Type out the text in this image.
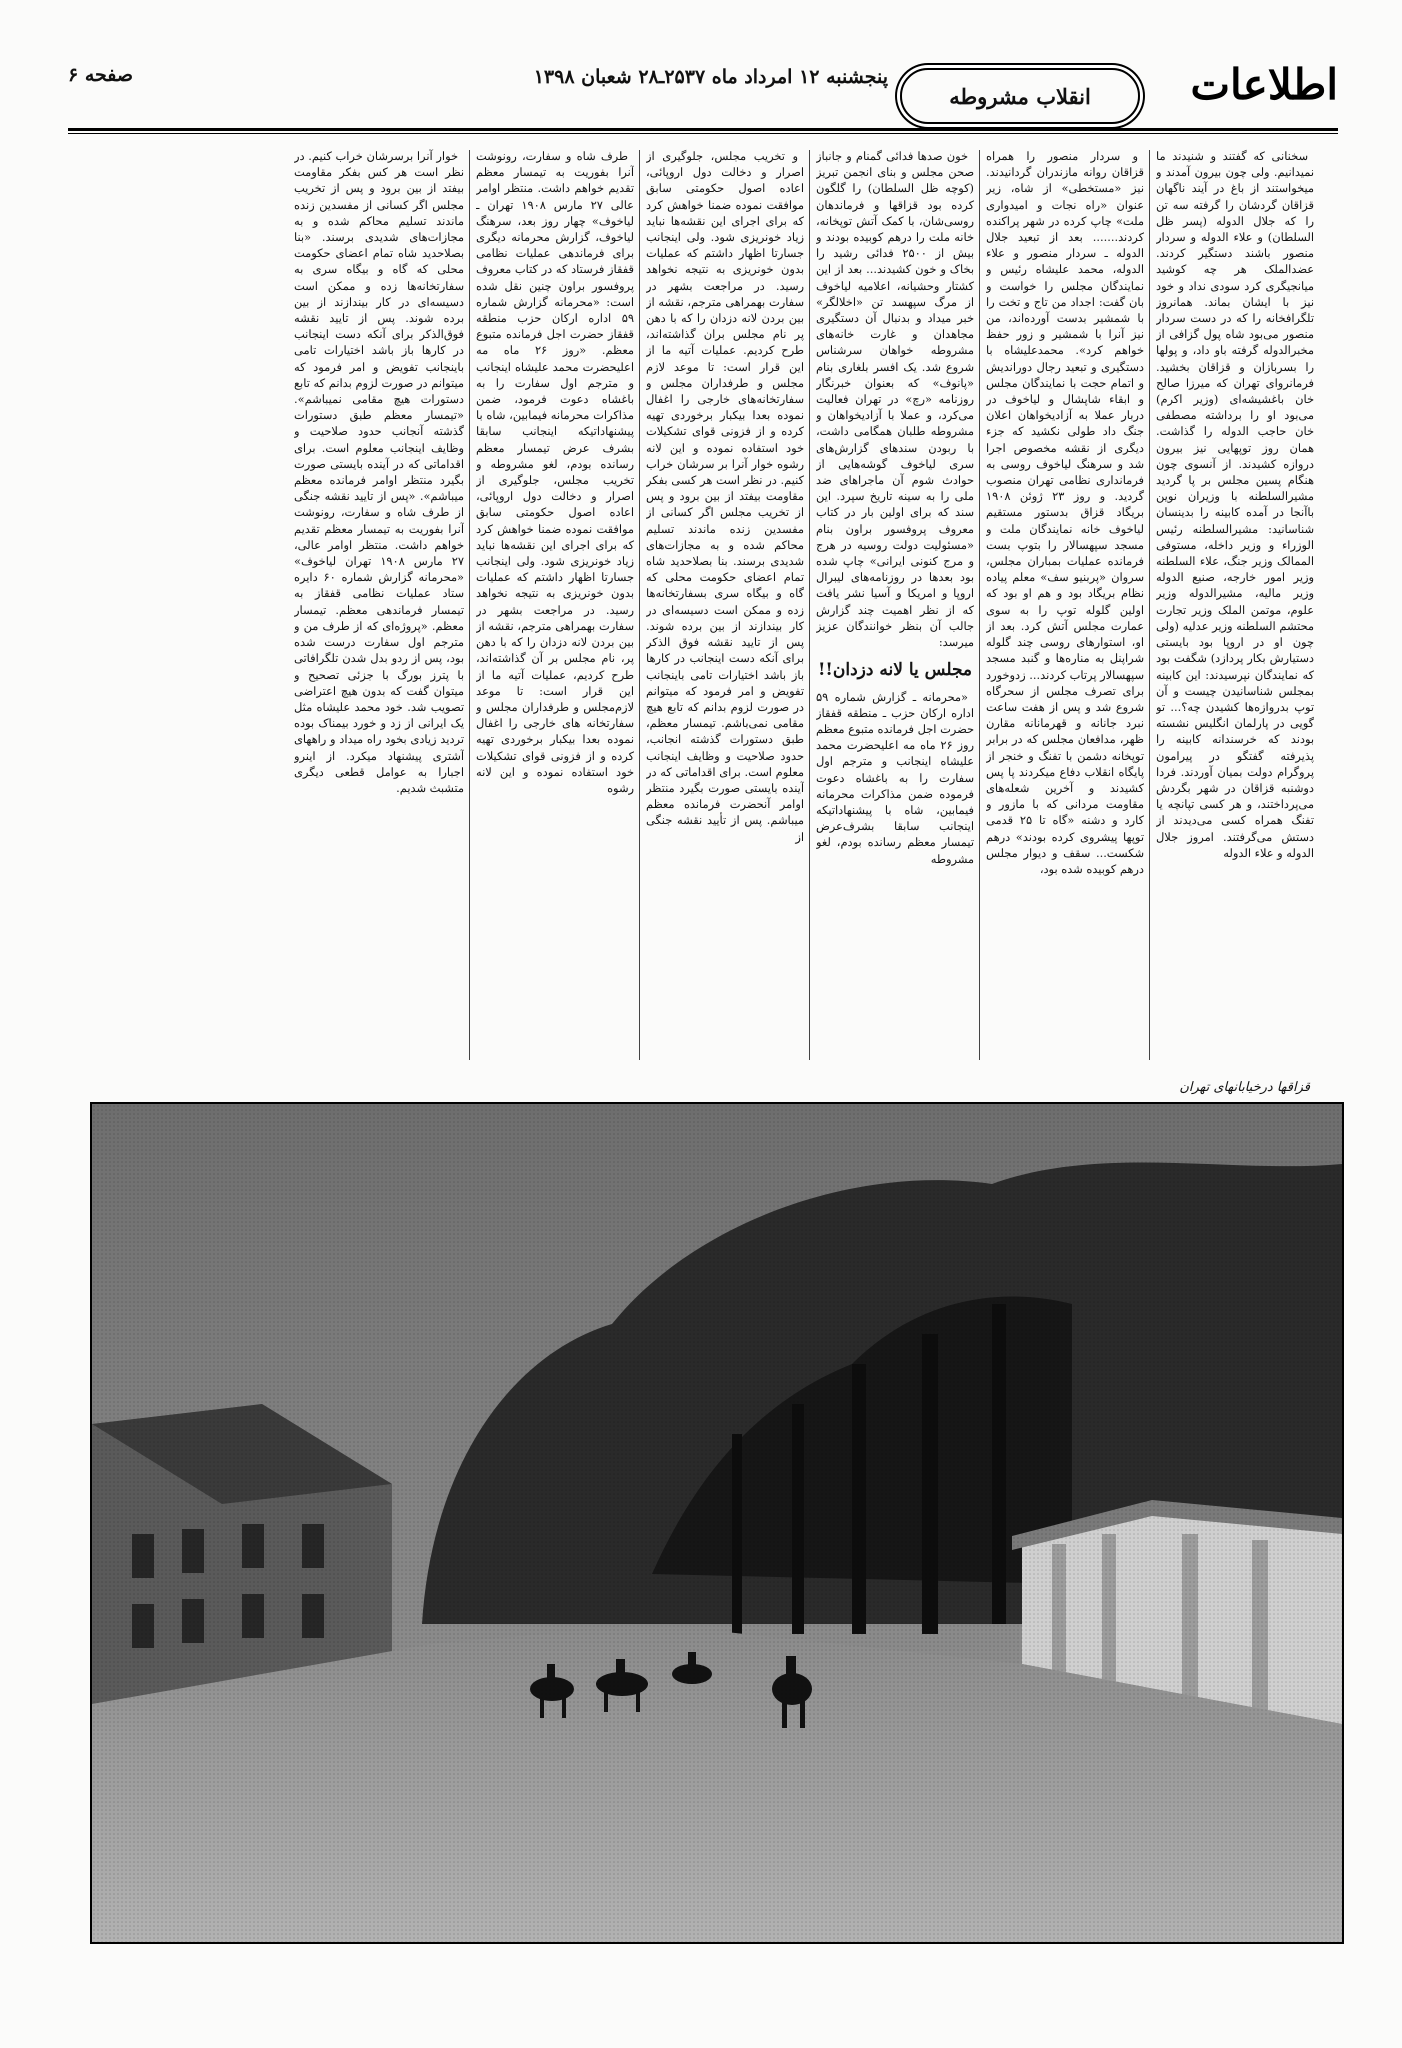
اطلاعات
انقلاب مشروطه
پنجشنبه ۱۲ امرداد ماه ۲۵۳۷ـ۲۸ شعبان ۱۳۹۸
صفحه ۶

سخنانی که گفتند و شنیدند ما نمیدانیم. ولی چون بیرون آمدند و میخواستند از باغ در آیند ناگهان قزاقان گردشان را گرفته سه تن را که جلال الدوله (پسر ظل السلطان) و علاء الدوله و سردار منصور باشند دستگیر کردند. عضدالملک هر چه کوشید میانجیگری کرد سودی نداد و خود نیز با ایشان بماند. همانروز تلگرافخانه را که در دست سردار منصور می‌بود شاه پول گزافی از مخبرالدوله گرفته باو داد، و پولها را بسربازان و قزاقان بخشید. فرمانروای تهران که میرزا صالح خان باغشیشه‌ای (وزیر اکرم) می‌بود او را برداشته مصطفی خان حاجب الدوله را گذاشت. همان روز توپهایی نیز بیرون دروازه کشیدند. از آنسوی چون هنگام پسین مجلس بر پا گردید مشیرالسلطنه با وزیران نوین باآنجا در آمده کابینه را بدینسان شناسانید: مشیرالسلطنه رئیس الوزراء و وزیر داخله، مستوفی الممالک وزیر جنگ، علاء السلطنه وزیر امور خارجه، صنیع الدوله وزیر مالیه، مشیرالدوله وزیر علوم، موتمن الملک وزیر تجارت محتشم السلطنه وزیر عدلیه (ولی چون او در اروپا بود بایستی دستیارش بکار پردازد) شگفت بود که نمایندگان نپرسیدند: این کابینه بمجلس شناسانیدن چیست و آن توپ بدروازه‌ها کشیدن چه؟... تو گویی در پارلمان انگلیس نشسته بودند که خرسندانه کابینه را پذیرفته گفتگو در پیرامون پروگرام دولت بمیان آوردند. فردا دوشنبه قزاقان در شهر بگردش می‌پرداختند، و هر کسی تپانچه یا تفنگ همراه کسی می‌دیدند از دستش می‌گرفتند. امروز جلال الدوله و علاء الدوله

و سردار منصور را همراه قزاقان روانه مازندران گردانیدند. نیز «مستخطی» از شاه، زیر عنوان «راه نجات و امیدواری ملت» چاپ کرده در شهر پراکنده کردند....... بعد از تبعید جلال الدوله ـ سردار منصور و علاء الدوله، محمد علیشاه رئیس و نمایندگان مجلس را خواست و بان گفت: اجداد من تاج و تخت را با شمشیر بدست آورده‌اند، من نیز آنرا با شمشیر و زور حفظ خواهم کرد». محمدعلیشاه با دستگیری و تبعید رجال دوراندیش و اتمام حجت با نمایندگان مجلس و ابقاء شاپشال و لیاخوف در دربار عملا به آزادیخواهان اعلان جنگ داد طولی نکشید که جزء دیگری از نقشه مخصوص اجرا شد و سرهنگ لیاخوف روسی به فرمانداری نظامی تهران منصوب گردید. و روز ۲۳ ژوئن ۱۹۰۸ بریگاد قزاق بدستور مستقیم لیاخوف خانه نمایندگان ملت و مسجد سپهسالار را بتوپ بست فرمانده عملیات بمباران مجلس، سروان «پربنیو سف» معلم پیاده نظام بریگاد بود و هم او بود که اولین گلوله توپ را به سوی عمارت مجلس آتش کرد. بعد از او، استوارهای روسی چند گلوله شراپنل به مناره‌ها و گنبد مسجد سپهسالار پرتاب کردند... زدوخورد برای تصرف مجلس از سحرگاه شروع شد و پس از هفت ساعت نبرد جانانه و قهرمانانه مقارن ظهر، مدافعان مجلس که در برابر توپخانه دشمن با تفنگ و خنجر از پایگاه انقلاب دفاع میکردند پا پس کشیدند و آخرین شعله‌های مقاومت مردانی که با مازور و کارد و دشنه «گاه تا ۲۵ قدمی توپها پیشروی کرده بودند» درهم شکست... سقف و دیوار مجلس درهم کوبیده شده بود،

خون صدها فدائی گمنام و جانباز صحن مجلس و بنای انجمن تبریز (کوچه ظل السلطان) را گلگون کرده بود قزاقها و فرماندهان روسی‌شان، با کمک آتش توپخانه، خانه ملت را درهم کوبیده بودند و بیش از ۲۵۰۰ فدائی رشید را بخاک و خون کشیدند... بعد از این کشتار وحشیانه، اعلامیه لیاخوف از مرگ سپهسد تن «اخلالگر» خبر میداد و بدنبال آن دستگیری مجاهدان و غارت خانه‌های مشروطه خواهان سرشناس شروع شد. یک افسر بلغاری بنام «پانوف» که بعنوان خبرنگار روزنامه «رچ» در تهران فعالیت می‌کرد، و عملا با آزادیخواهان و مشروطه طلبان همگامی داشت، با ربودن سندهای گزارش‌های سری لیاخوف گوشه‌هایی از حوادث شوم آن ماجراهای ضد ملی را به سینه تاریخ سپرد. این سند که برای اولین بار در کتاب معروف پروفسور براون بنام «مسئولیت دولت روسیه در هرج و مرج کنونی ایرانی» چاپ شده بود بعدها در روزنامه‌های لیبرال اروپا و امریکا و آسیا نشر یافت که از نظر اهمیت چند گزارش جالب آن بنظر خوانندگان عزیز میرسد:

مجلس یا لانه دزدان!!

«محرمانه ـ گزارش شماره ۵۹ اداره ارکان حزب ـ منطقه قفقاز حضرت اجل فرمانده متبوع معظم روز ۲۶ ماه مه اعلیحضرت محمد علیشاه اینجانب و مترجم اول سفارت را به باغشاه دعوت فرموده ضمن مذاکرات محرمانه فیمابین، شاه با پیشنهاداتیکه اینجانب سابقا بشرف‌عرض تیمسار معظم رسانده بودم، لغو مشروطه

و تخریب مجلس، جلوگیری از اصرار و دخالت دول اروپائی، اعاده اصول حکومتی سابق موافقت نموده ضمنا خواهش کرد که برای اجرای این نقشه‌ها نباید زیاد خونریزی شود. ولی اینجانب جسارتا اظهار داشتم که عملیات بدون خونریزی به نتیجه نخواهد رسید. در مراجعت بشهر در سفارت بهمراهی مترجم، نقشه از بین بردن لانه دزدان را که با دهن پر نام مجلس بران گذاشته‌اند، طرح کردیم. عملیات آتیه ما از این قرار است: تا موعد لازم مجلس و طرفداران مجلس و سفارتخانه‌های خارجی را اغفال نموده بعدا بیکبار برخوردی تهیه کرده و از فزونی قوای تشکیلات خود استفاده نموده و این لانه رشوه خوار آنرا بر سرشان خراب کنیم. در نظر است هر کسی بفکر مقاومت بیفتد از بین برود و پس از تخریب مجلس اگر کسانی از مفسدین زنده ماندند تسلیم محاکم شده و به مجازات‌های شدیدی برسند. بنا بصلاحدید شاه تمام اعضای حکومت محلی که گاه و بیگاه سری بسفارتخانه‌ها زده و ممکن است دسیسه‌ای در کار بیندازند از بین برده شوند. پس از تایید نقشه فوق الذکر برای آنکه دست اینجانب در کارها باز باشد اختیارات تامی باینجانب تفویض و امر فرمود که میتوانم در صورت لزوم بدانم که تابع هیچ مقامی نمی‌باشم. تیمسار معظم، طبق دستورات گذشته انجانب، حدود صلاحیت و وظایف اینجانب معلوم است. برای اقداماتی که در آینده بایستی صورت بگیرد منتظر اوامر آنحضرت فرمانده معظم میباشم. پس از تأیید نقشه جنگی از

طرف شاه و سفارت، رونوشت آنرا بفوریت به تیمسار معظم تقدیم خواهم داشت. منتظر اوامر عالی ۲۷ مارس ۱۹۰۸ تهران ـ لیاخوف» چهار روز بعد، سرهنگ لیاخوف، گزارش محرمانه دیگری برای فرماندهی عملیات نظامی قفقاز فرستاد که در کتاب معروف پروفسور براون چنین نقل شده است: «محرمانه گزارش شماره ۵۹ اداره ارکان حزب منطقه قفقاز حضرت اجل فرمانده متبوع معظم. «روز ۲۶ ماه مه اعلیحضرت محمد علیشاه اینجانب و مترجم اول سفارت را به باغشاه دعوت فرمود، ضمن مذاکرات محرمانه فیمابین، شاه با پیشنهاداتیکه اینجانب سابقا بشرف عرض تیمسار معظم رسانده بودم، لغو مشروطه و تخریب مجلس، جلوگیری از اصرار و دخالت دول اروپائی، اعاده اصول حکومتی سابق موافقت نموده ضمنا خواهش کرد که برای اجرای این نقشه‌ها نباید زیاد خونریزی شود. ولی اینجانب جسارتا اظهار داشتم که عملیات بدون خونریزی به نتیجه نخواهد رسید. در مراجعت بشهر در سفارت بهمراهی مترجم، نقشه از بین بردن لانه دزدان را که با دهن پر، نام مجلس بر آن گذاشته‌اند، طرح کردیم، عملیات آتیه ما از این قرار است: تا موعد لازم‌مجلس و طرفداران مجلس و سفارتخانه های خارجی را اغفال نموده بعدا بیکبار برخوردی تهیه کرده و از فزونی قوای تشکیلات خود استفاده نموده و این لانه رشوه

خوار آنرا برسرشان خراب کنیم. در نظر است هر کس بفکر مقاومت بیفتد از بین برود و پس از تخریب مجلس اگر کسانی از مفسدین زنده ماندند تسلیم محاکم شده و به مجازات‌های شدیدی برسند. «بنا بصلاحدید شاه تمام اعضای حکومت محلی که گاه و بیگاه سری به سفارتخانه‌ها زده و ممکن است دسیسه‌ای در کار بیندازند از بین برده شوند. پس از تایید نقشه فوق‌الذکر برای آنکه دست اینجانب در کارها باز باشد اختیارات تامی باینجانب تفویض و امر فرمود که میتوانم در صورت لزوم بدانم که تابع دستورات هیچ مقامی نمیباشم». «تیمسار معظم طبق دستورات گذشته آنجانب حدود صلاحیت و وظایف اینجانب معلوم است. برای اقداماتی که در آینده بایستی صورت بگیرد منتظر اوامر فرمانده معظم میباشم». «پس از تایید نقشه جنگی از طرف شاه و سفارت، رونوشت آنرا بفوریت به تیمسار معظم تقدیم خواهم داشت. منتظر اوامر عالی، ۲۷ مارس ۱۹۰۸ تهران لیاخوف» «محرمانه گزارش شماره ۶۰ دایره ستاد عملیات نظامی قفقاز به تیمسار فرماندهی معظم. تیمسار معظم. «پروژه‌ای که از طرف من و مترجم اول سفارت درست شده بود، پس از ردو بدل شدن تلگرافاتی با پترز بورگ با جزئی تصحیح و میتوان گفت که بدون هیچ اعتراضی تصویب شد. خود محمد علیشاه مثل یک ایرانی از زد و خورد بیمناک بوده تردید زیادی بخود راه میداد و راههای آشتری پیشنهاد میکرد. از اینرو اجبارا به عوامل قطعی دیگری متشبث شدیم.

قزاقها درخیابانهای تهران
